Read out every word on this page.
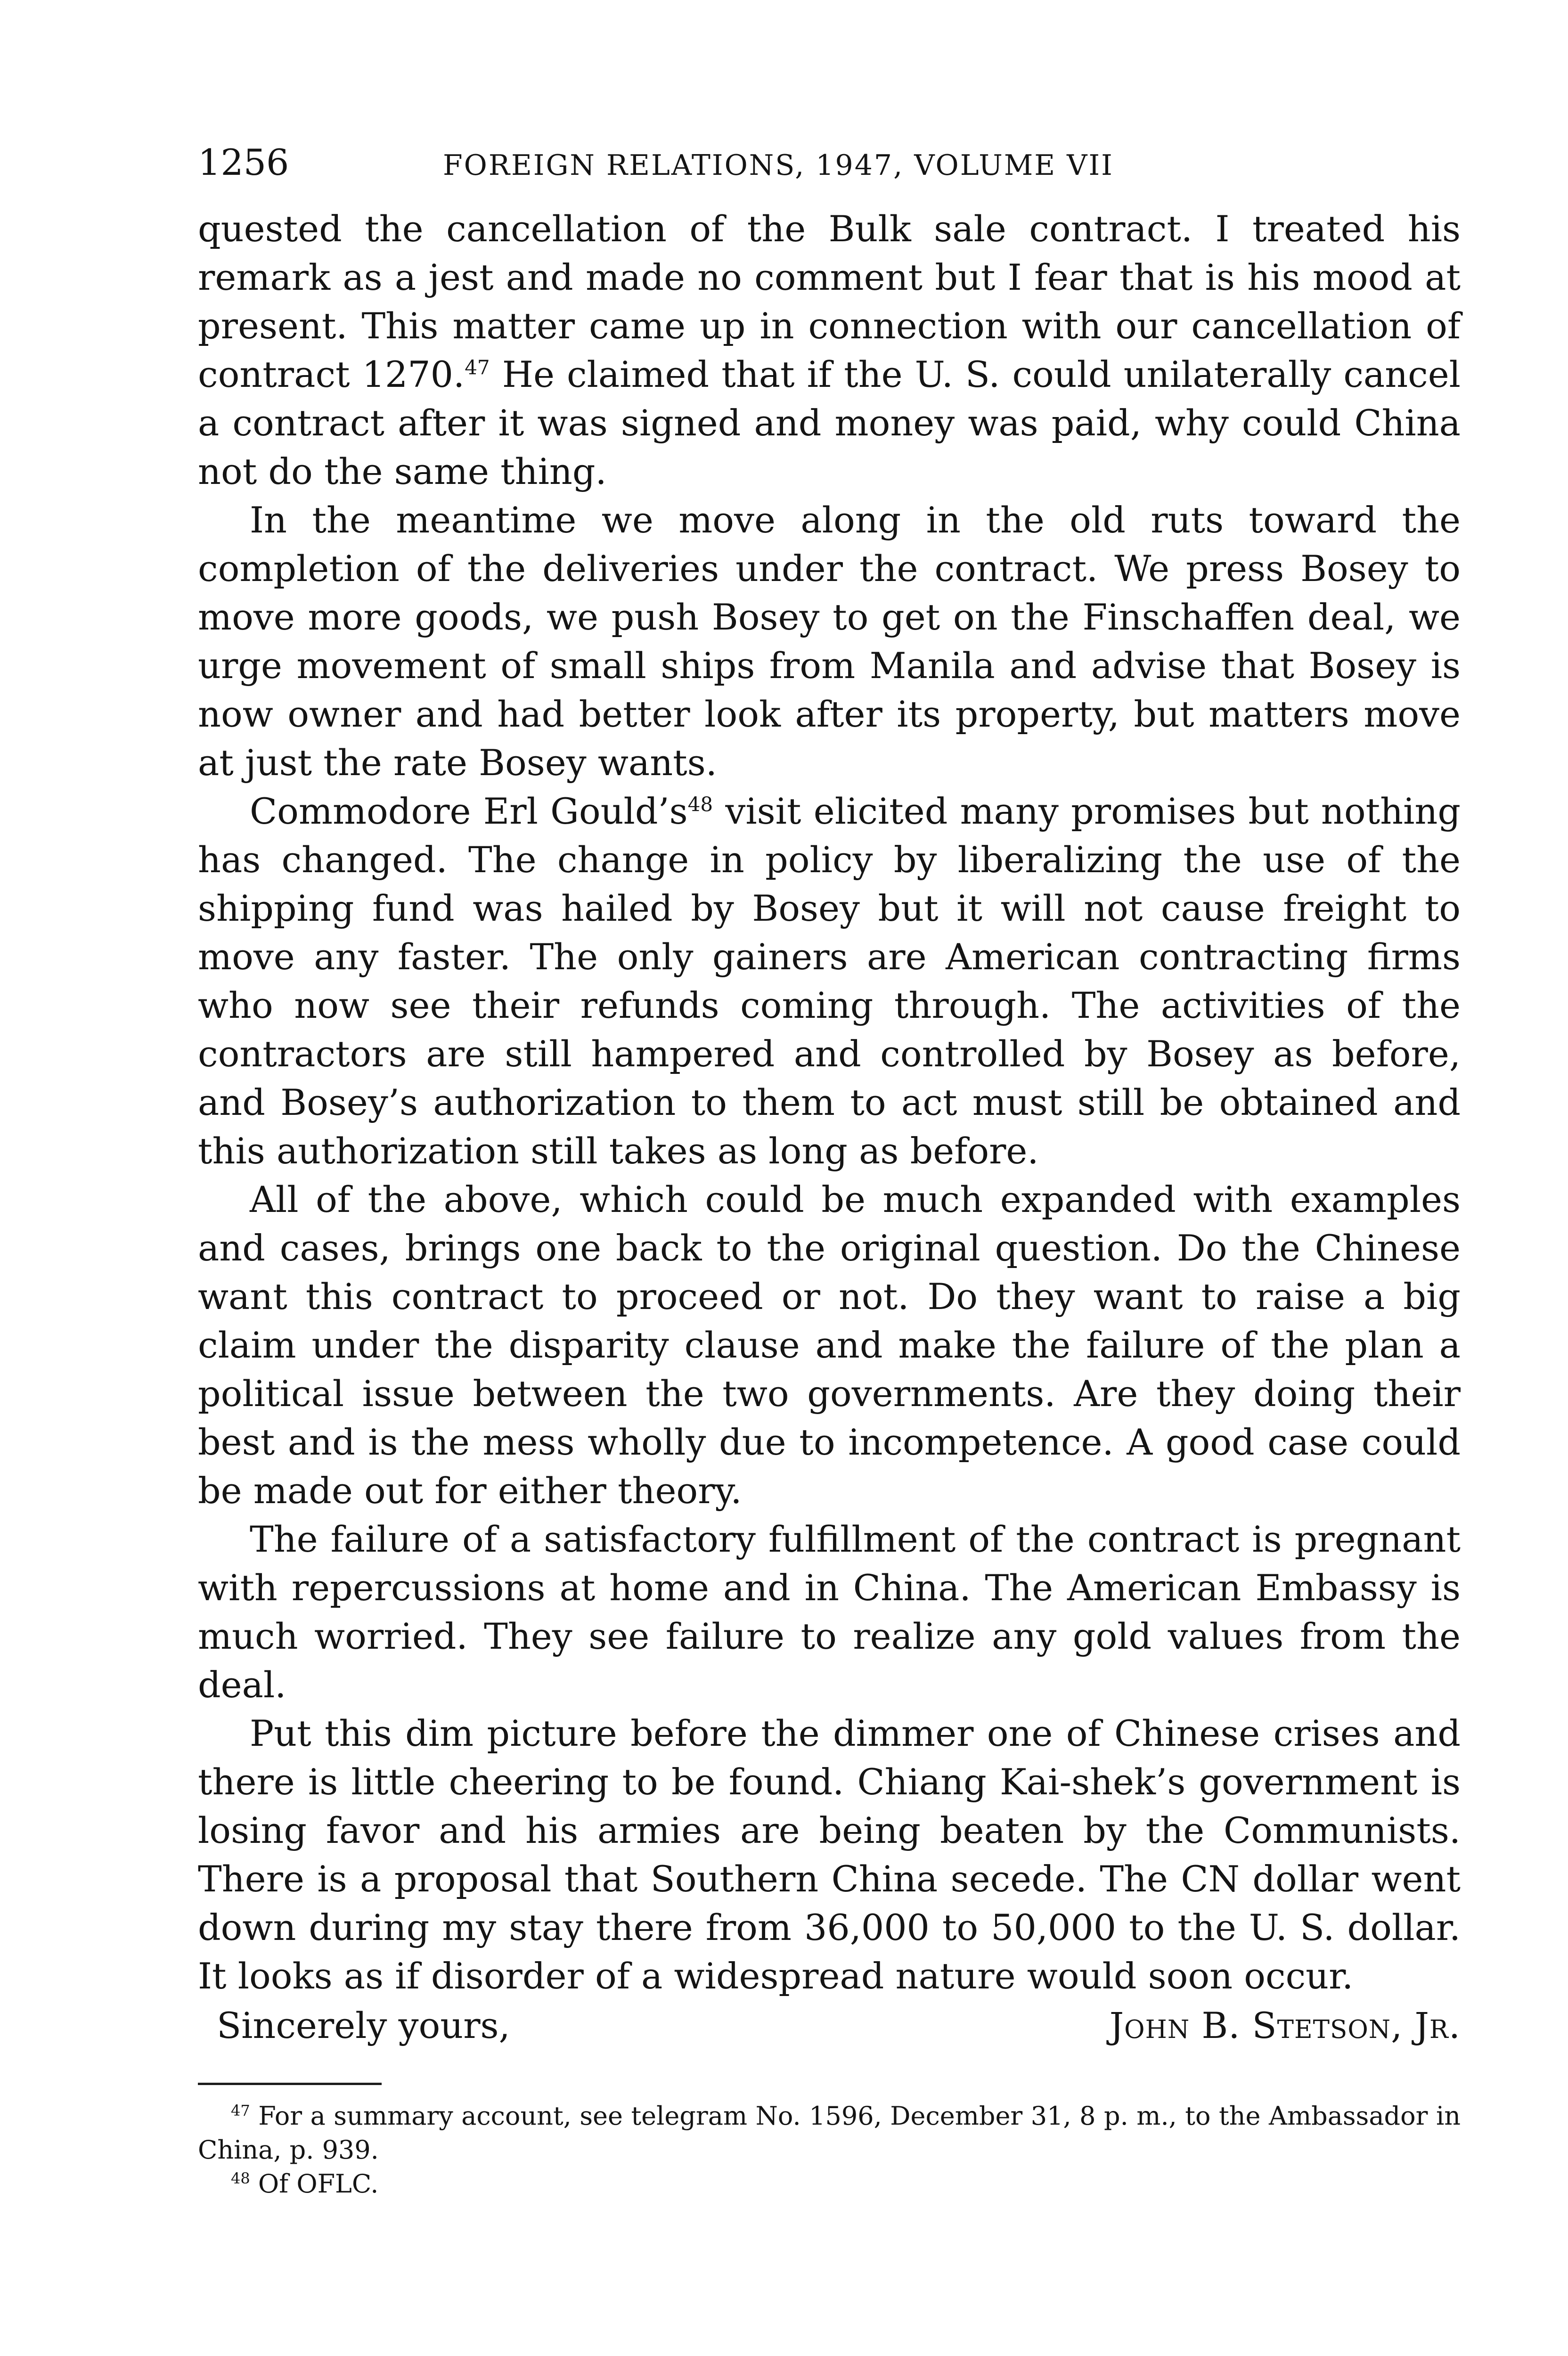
1256	FOREIGN RELATIONS, 1947, VOLUME VII

quested the cancellation of the Bulk sale contract. I treated his remark as a jest and made no comment but I fear that is his mood at present. This matter came up in connection with our cancellation of contract 1270.47 He claimed that if the U. S. could unilaterally cancel a contract after it was signed and money was paid, why could China not do the same thing.

In the meantime we move along in the old ruts toward the completion of the deliveries under the contract. We press Bosey to move more goods, we push Bosey to get on the Finschaffen deal, we urge movement of small ships from Manila and advise that Bosey is now owner and had better look after its property, but matters move at just the rate Bosey wants.

Commodore Erl Gould’s$^{48}$ visit elicited many promises but nothing has changed. The change in policy by liberalizing the use of the shipping fund was hailed by Bosey but it will not cause freight to move any faster. The only gainers are American contracting firms who now see their refunds coming through. The activities of the contractors are still hampered and controlled by Bosey as before, and Bosey’s authorization to them to act must still be obtained and this authorization still takes as long as before.

All of the above, which could be much expanded with examples and cases, brings one back to the original question. Do the Chinese want this contract to proceed or not. Do they want to raise a big claim under the disparity clause and make the failure of the plan a political issue between the two governments. Are they doing their best and is the mess wholly due to incompetence. A good case could be made out for either theory.

The failure of a satisfactory fulfillment of the contract is pregnant with repercussions at home and in China. The American Embassy is much worried. They see failure to realize any gold values from the deal.

Put this dim picture before the dimmer one of Chinese crises and there is little cheering to be found. Chiang Kai-shek’s government is losing favor and his armies are being beaten by the Communists. There is a proposal that Southern China secede. The CN dollar went down during my stay there from 36,000 to 50,000 to the U. S. dollar. It looks as if disorder of a widespread nature would soon occur.

Sincerely yours,	John B. Stetson, Jr.

$^{47}$ For a summary account, see telegram No. 1596, December 31, 8 p. m., to the Ambassador in China, p. 939.

$^{48}$ Of OFLC.
